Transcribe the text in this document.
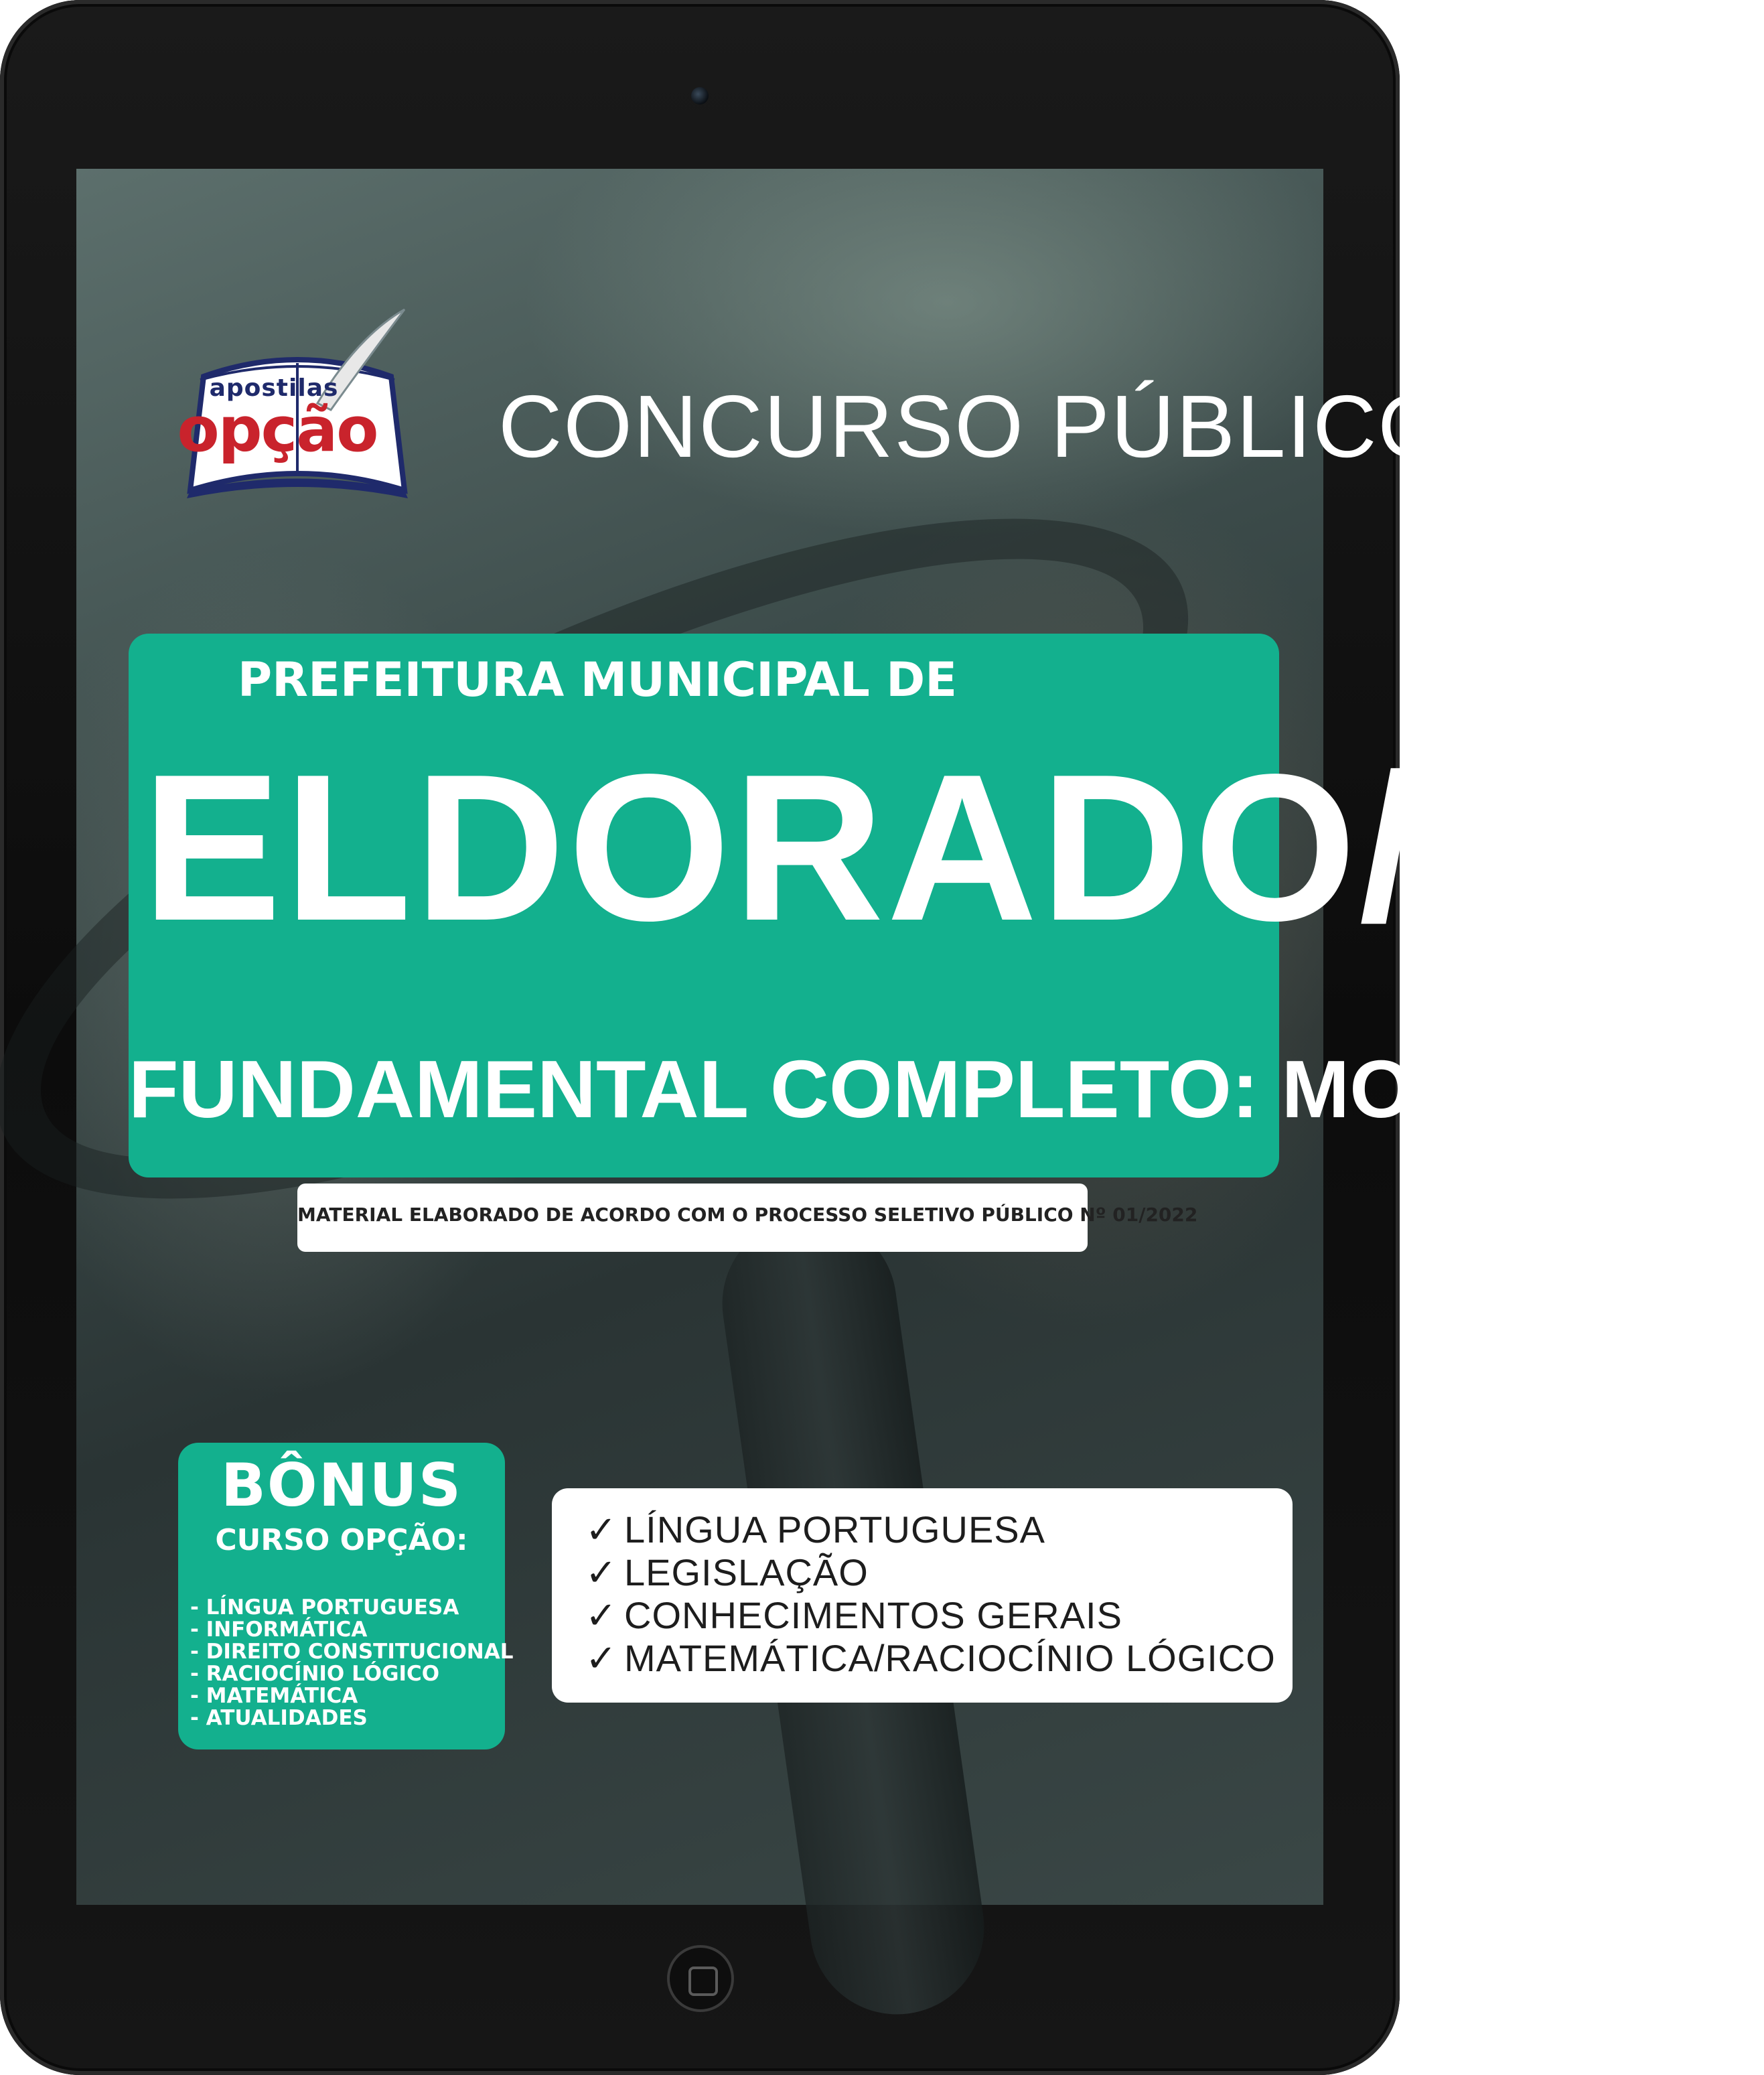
apostilas
opção CONCURSO PÚBLICO
PREFEITURA MUNICIPAL DE
ELDORADO/RS
FUNDAMENTAL COMPLETO: MOTORISTA
MATERIAL ELABORADO DE ACORDO COM O PROCESSO SELETIVO PÚBLICO Nº 01/2022
BÔNUS
CURSO OPÇÃO:
- LÍNGUA PORTUGUESA
- INFORMÁTICA
- DIREITO CONSTITUCIONAL
- RACIOCÍNIO LÓGICO
- MATEMÁTICA
- ATUALIDADES
✓ LÍNGUA PORTUGUESA
✓ LEGISLAÇÃO
✓ CONHECIMENTOS GERAIS
✓ MATEMÁTICA/RACIOCÍNIO LÓGICO
